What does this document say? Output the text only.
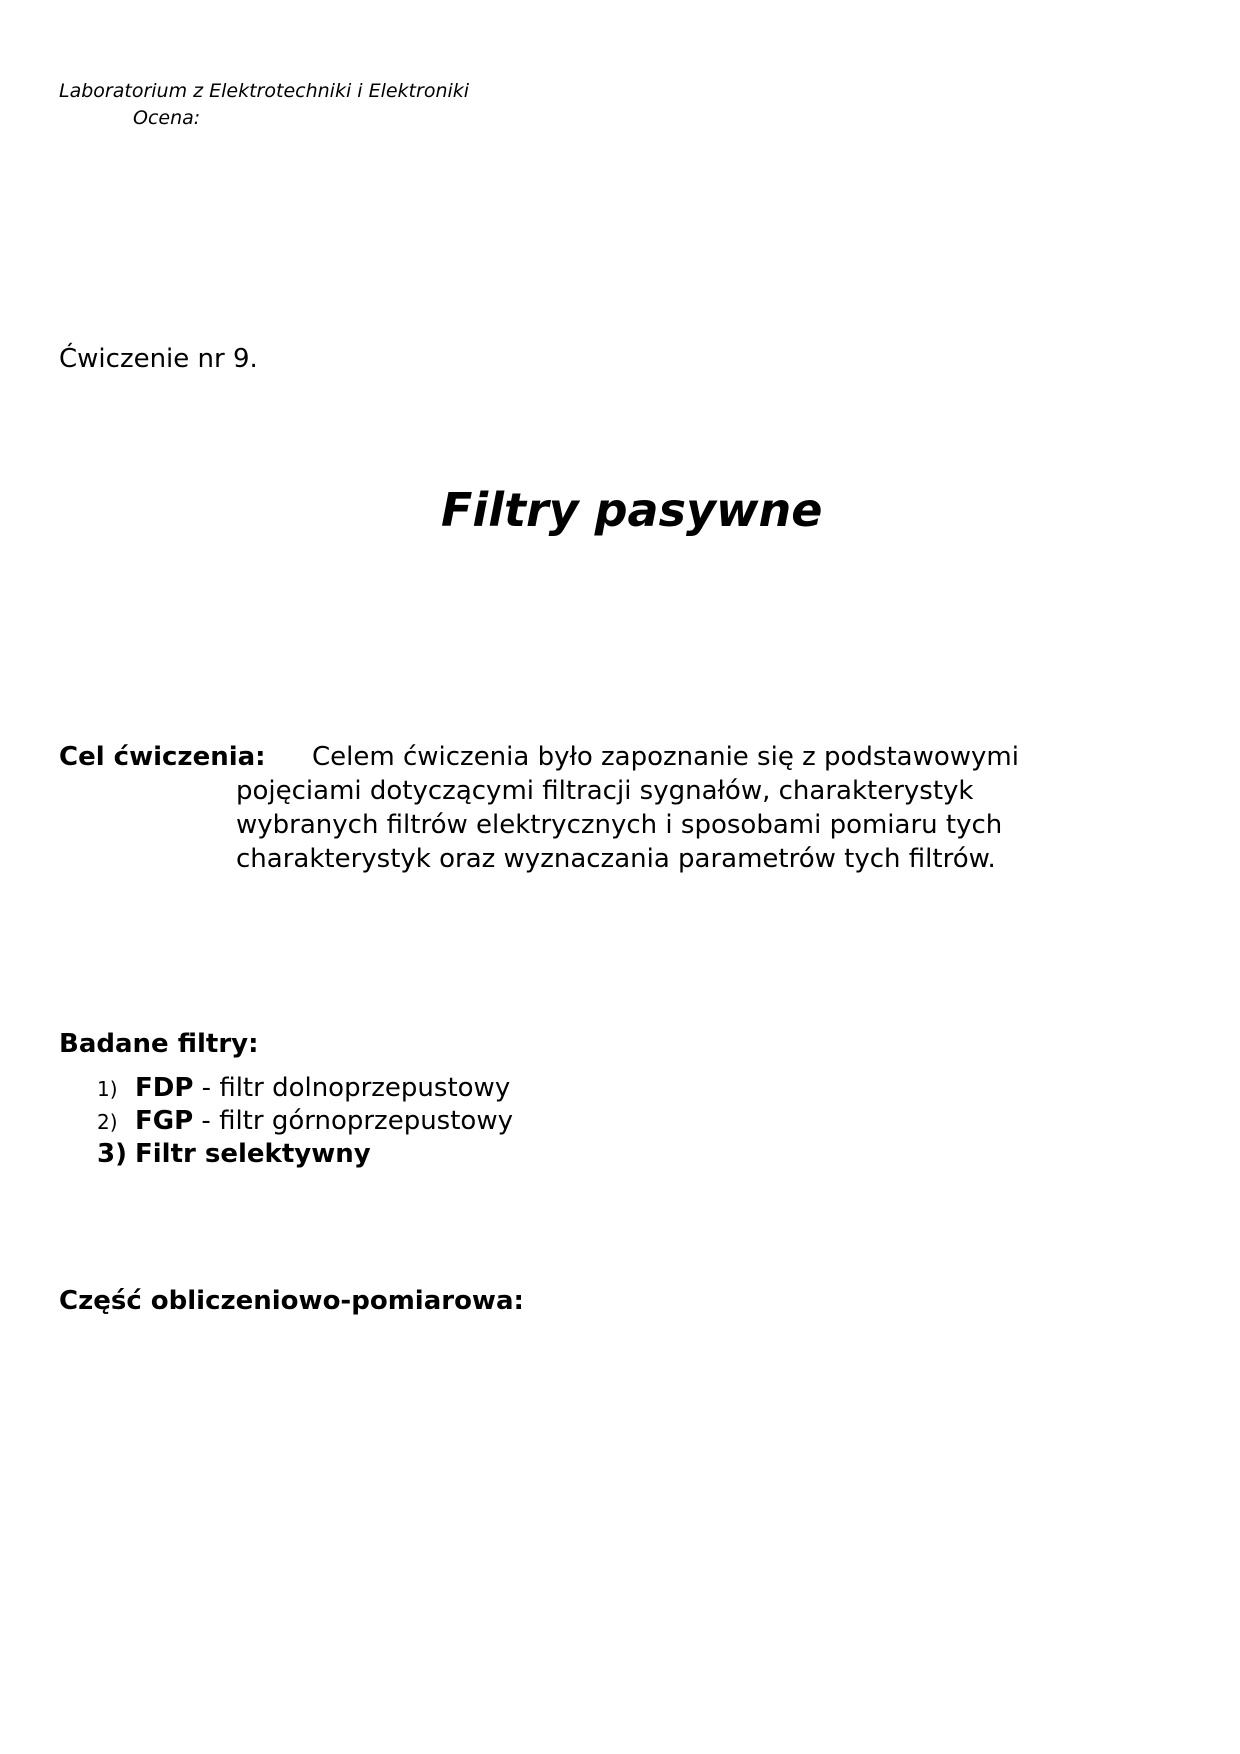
Laboratorium z Elektrotechniki i Elektroniki
Ocena:
Ćwiczenie nr 9.
Filtry pasywne
Cel ćwiczenia: Celem ćwiczenia było zapoznanie się z podstawowymi
pojęciami dotyczącymi filtracji sygnałów, charakterystyk
wybranych filtrów elektrycznych i sposobami pomiaru tych
charakterystyk oraz wyznaczania parametrów tych filtrów.
Badane filtry:
1) FDP - filtr dolnoprzepustowy
2) FGP - filtr górnoprzepustowy
3) Filtr selektywny
Część obliczeniowo-pomiarowa:
